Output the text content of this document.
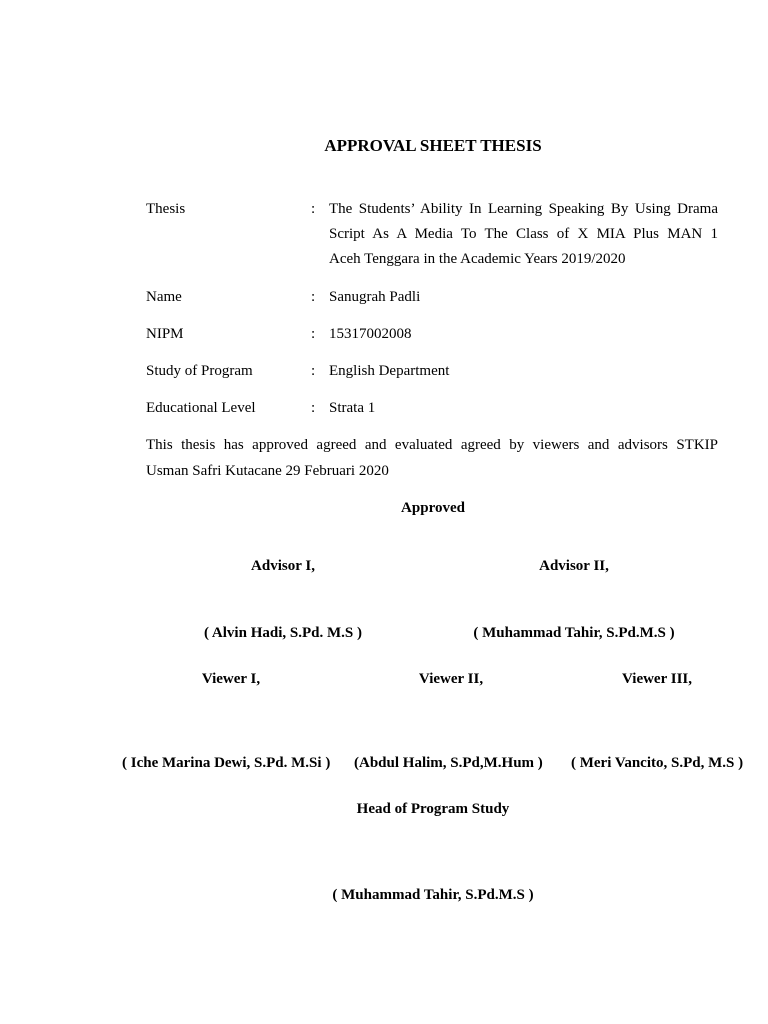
APPROVAL SHEET THESIS
Thesis	: The Students’ Ability In Learning Speaking By Using Drama
Script As A Media To The Class of X MIA Plus MAN 1
Aceh Tenggara in the Academic Years 2019/2020
Name	: Sanugrah Padli
NIPM	: 15317002008
Study of Program	: English Department
Educational Level	: Strata 1
This thesis has approved agreed and evaluated agreed by viewers and advisors STKIP
Usman Safri Kutacane 29 Februari 2020
Approved
Advisor I,	Advisor II,
( Alvin Hadi, S.Pd. M.S )	( Muhammad Tahir, S.Pd.M.S )
Viewer I,	Viewer II,	Viewer III,
( Iche Marina Dewi, S.Pd. M.Si ) (Abdul Halim, S.Pd,M.Hum ) ( Meri Vancito, S.Pd, M.S )
Head of Program Study
( Muhammad Tahir, S.Pd.M.S )
